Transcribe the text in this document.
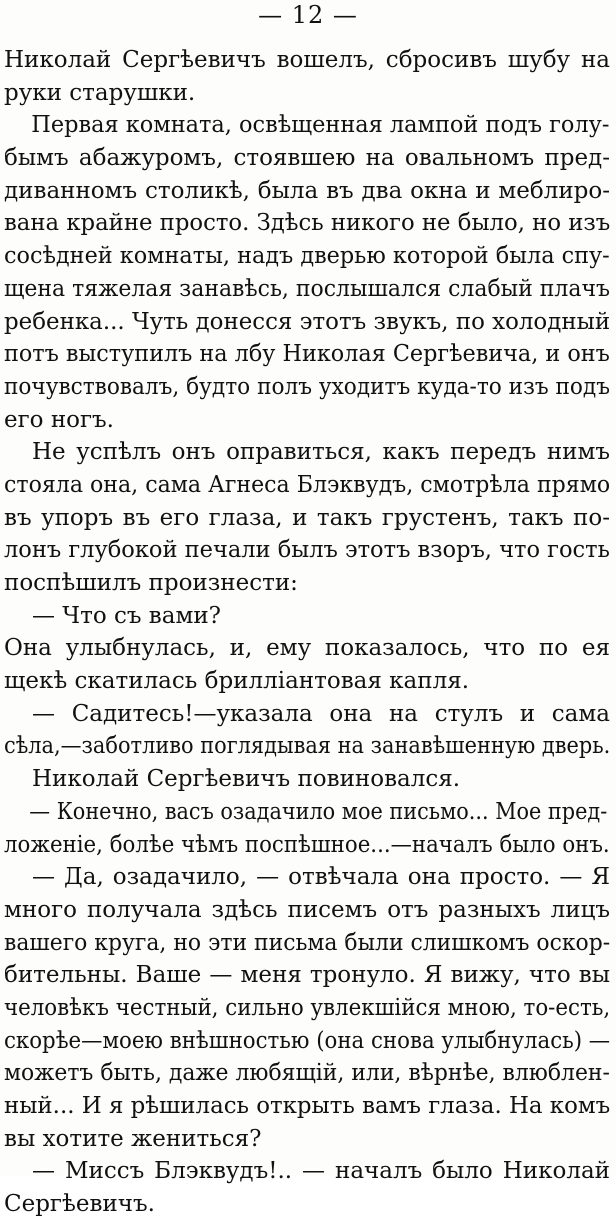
— 12 —
Николай Сергѣевичъ вошелъ, сбросивъ шубу на
руки старушки.
Первая комната, освѣщенная лампой подъ голу-
бымъ абажуромъ, стоявшею на овальномъ пред-
диванномъ столикѣ, была въ два окна и меблиро-
вана крайне просто. Здѣсь никого не было, но изъ
сосѣдней комнаты, надъ дверью которой была спу-
щена тяжелая занавѣсь, послышался слабый плачъ
ребенка... Чуть донесся этотъ звукъ, по холодный
потъ выступилъ на лбу Николая Сергѣевича, и онъ
почувствовалъ, будто полъ уходитъ куда-то изъ подъ
его ногъ.
Не успѣлъ онъ оправиться, какъ передъ нимъ
стояла она, сама Агнеса Блэквудъ, смотрѣла прямо
въ упоръ въ его глаза, и такъ грустенъ, такъ по-
лонъ глубокой печали былъ этотъ взоръ, что гость
поспѣшилъ произнести:
— Что съ вами?
Она улыбнулась, и, ему показалось, что по ея
щекѣ скатилась бриллiантовая капля.
— Садитесь!—указала она на стулъ и сама
сѣла,—заботливо поглядывая на занавѣшенную дверь.
Николай Сергѣевичъ повиновался.
— Конечно, васъ озадачило мое письмо... Мое пред-
ложенiе, болѣе чѣмъ поспѣшное...—началъ было онъ.
— Да, озадачило, — отвѣчала она просто. — Я
много получала здѣсь писемъ отъ разныхъ лицъ
вашего круга, но эти письма были слишкомъ оскор-
бительны. Ваше — меня тронуло. Я вижу, что вы
человѣкъ честный, сильно увлекшiйся мною, то-есть,
скорѣе—моею внѣшностью (она снова улыбнулась) —
можетъ быть, даже любящiй, или, вѣрнѣе, влюблен-
ный... И я рѣшилась открыть вамъ глаза. На комъ
вы хотите жениться?
— Миссъ Блэквудъ!.. — началъ было Николай
Сергѣевичъ.
